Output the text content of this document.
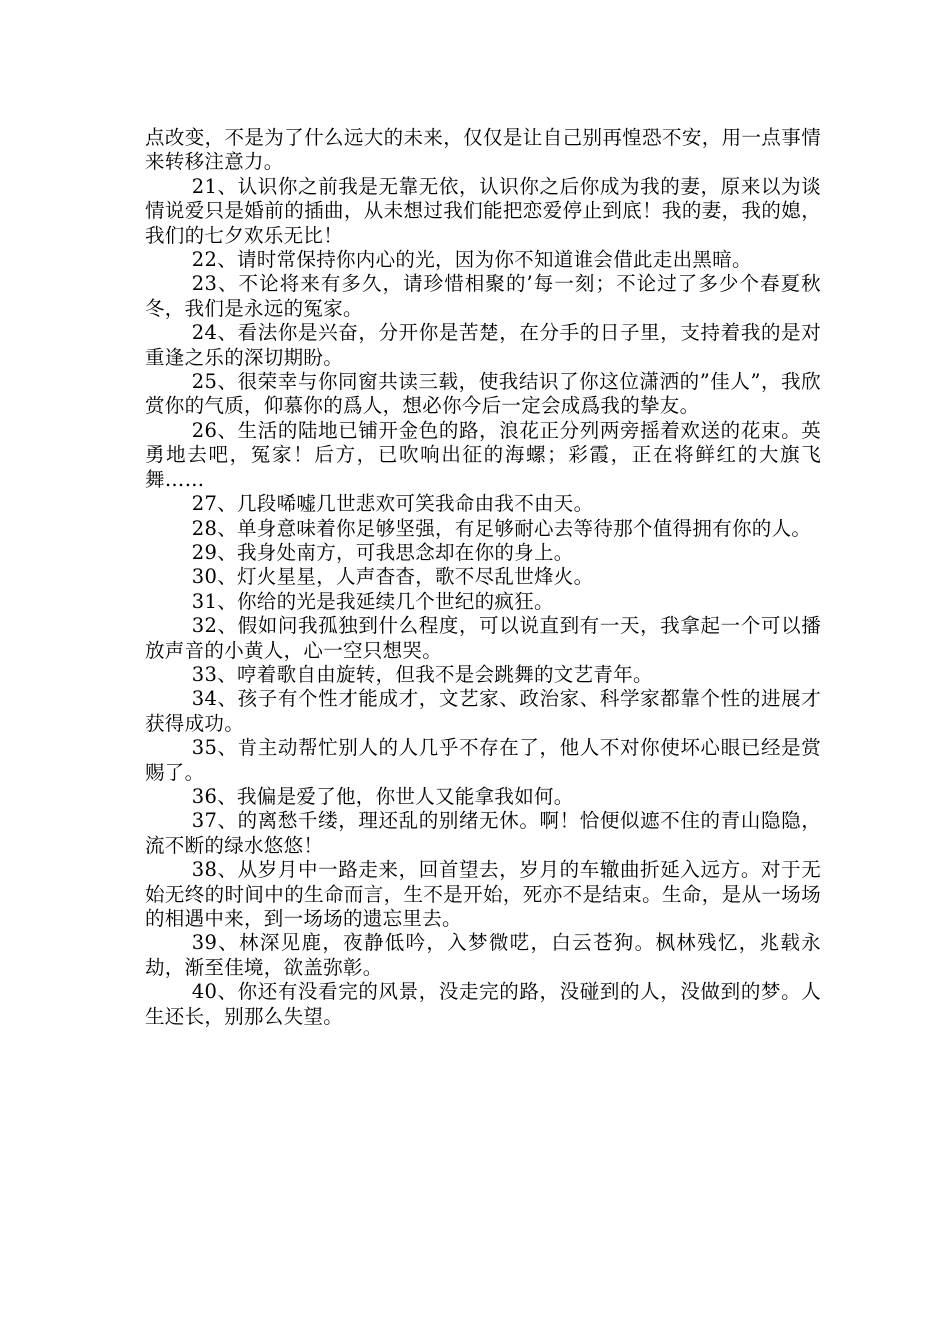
点改变，不是为了什么远大的未来，仅仅是让自己别再惶恐不安，用一点事情来转移注意力。

21、认识你之前我是无靠无依，认识你之后你成为我的妻，原来以为谈情说爱只是婚前的插曲，从未想过我们能把恋爱停止到底！我的妻，我的媳，我们的七夕欢乐无比！

22、请时常保持你内心的光，因为你不知道谁会借此走出黑暗。

23、不论将来有多久，请珍惜相聚的’每一刻；不论过了多少个春夏秋冬，我们是永远的冤家。

24、看法你是兴奋，分开你是苦楚，在分手的日子里，支持着我的是对重逢之乐的深切期盼。

25、很荣幸与你同窗共读三载，使我结识了你这位潇洒的”佳人”，我欣赏你的气质，仰慕你的爲人，想必你今后一定会成爲我的挚友。

26、生活的陆地已铺开金色的路，浪花正分列两旁摇着欢送的花束。英勇地去吧，冤家！后方，已吹响出征的海螺；彩霞，正在将鲜红的大旗飞舞……

27、几段唏嘘几世悲欢可笑我命由我不由天。

28、单身意味着你足够坚强，有足够耐心去等待那个值得拥有你的人。

29、我身处南方，可我思念却在你的身上。

30、灯火星星，人声杳杳，歌不尽乱世烽火。

31、你给的光是我延续几个世纪的疯狂。

32、假如问我孤独到什么程度，可以说直到有一天，我拿起一个可以播放声音的小黄人，心一空只想哭。

33、哼着歌自由旋转，但我不是会跳舞的文艺青年。

34、孩子有个性才能成才，文艺家、政治家、科学家都靠个性的进展才获得成功。

35、肯主动帮忙别人的人几乎不存在了，他人不对你使坏心眼已经是赏赐了。

36、我偏是爱了他，你世人又能拿我如何。

37、的离愁千缕，理还乱的别绪无休。啊！恰便似遮不住的青山隐隐，流不断的绿水悠悠！

38、从岁月中一路走来，回首望去，岁月的车辙曲折延入远方。对于无始无终的时间中的生命而言，生不是开始，死亦不是结束。生命，是从一场场的相遇中来，到一场场的遗忘里去。

39、林深见鹿，夜静低吟，入梦微呓，白云苍狗。枫林残忆，兆载永劫，渐至佳境，欲盖弥彰。

40、你还有没看完的风景，没走完的路，没碰到的人，没做到的梦。人生还长，别那么失望。
